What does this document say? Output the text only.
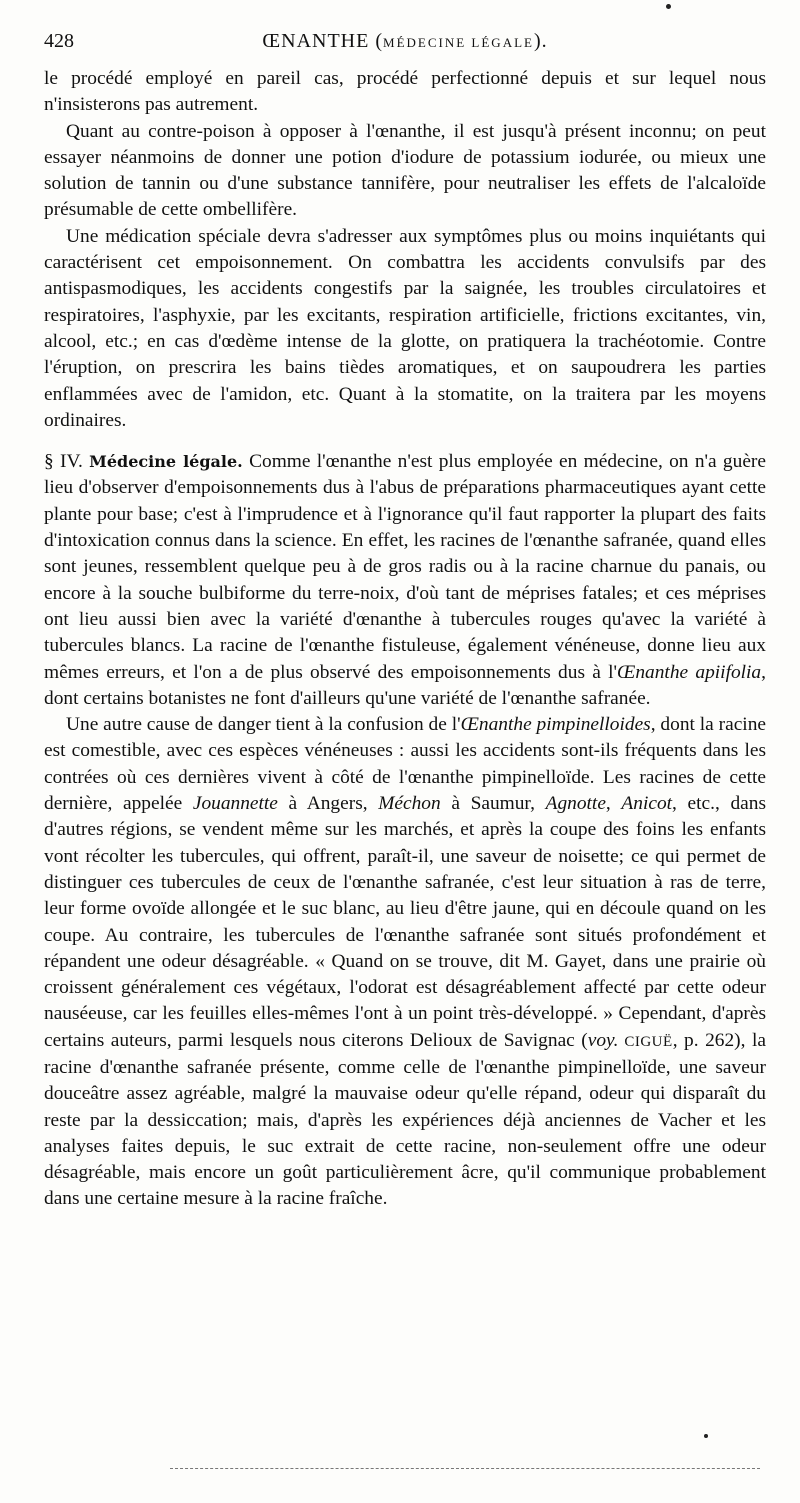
428	ŒNANTHE (MÉDECINE LÉGALE).

le procédé employé en pareil cas, procédé perfectionné depuis et sur lequel nous n'insisterons pas autrement.

Quant au contre-poison à opposer à l'œnanthe, il est jusqu'à présent inconnu; on peut essayer néanmoins de donner une potion d'iodure de potassium iodurée, ou mieux une solution de tannin ou d'une substance tannifère, pour neutraliser les effets de l'alcaloïde présumable de cette ombellifère.

Une médication spéciale devra s'adresser aux symptômes plus ou moins inquiétants qui caractérisent cet empoisonnement. On combattra les accidents convulsifs par des antispasmodiques, les accidents congestifs par la saignée, les troubles circulatoires et respiratoires, l'asphyxie, par les excitants, respiration artificielle, frictions excitantes, vin, alcool, etc.; en cas d'œdème intense de la glotte, on pratiquera la trachéotomie. Contre l'éruption, on prescrira les bains tièdes aromatiques, et on saupoudrera les parties enflammées avec de l'amidon, etc. Quant à la stomatite, on la traitera par les moyens ordinaires.

§ IV. Médecine légale. Comme l'œnanthe n'est plus employée en médecine, on n'a guère lieu d'observer d'empoisonnements dus à l'abus de préparations pharmaceutiques ayant cette plante pour base; c'est à l'imprudence et à l'ignorance qu'il faut rapporter la plupart des faits d'intoxication connus dans la science. En effet, les racines de l'œnanthe safranée, quand elles sont jeunes, ressemblent quelque peu à de gros radis ou à la racine charnue du panais, ou encore à la souche bulbiforme du terre-noix, d'où tant de méprises fatales; et ces méprises ont lieu aussi bien avec la variété d'œnanthe à tubercules rouges qu'avec la variété à tubercules blancs. La racine de l'œnanthe fistuleuse, également vénéneuse, donne lieu aux mêmes erreurs, et l'on a de plus observé des empoisonnements dus à l'Œnanthe apiifolia, dont certains botanistes ne font d'ailleurs qu'une variété de l'œnanthe safranée.

Une autre cause de danger tient à la confusion de l'Œnanthe pimpinelloides, dont la racine est comestible, avec ces espèces vénéneuses : aussi les accidents sont-ils fréquents dans les contrées où ces dernières vivent à côté de l'œnanthe pimpinelloïde. Les racines de cette dernière, appelée Jouannette à Angers, Méchon à Saumur, Agnotte, Anicot, etc., dans d'autres régions, se vendent même sur les marchés, et après la coupe des foins les enfants vont récolter les tubercules, qui offrent, paraît-il, une saveur de noisette; ce qui permet de distinguer ces tubercules de ceux de l'œnanthe safranée, c'est leur situation à ras de terre, leur forme ovoïde allongée et le suc blanc, au lieu d'être jaune, qui en découle quand on les coupe. Au contraire, les tubercules de l'œnanthe safranée sont situés profondément et répandent une odeur désagréable. « Quand on se trouve, dit M. Gayet, dans une prairie où croissent généralement ces végétaux, l'odorat est désagréablement affecté par cette odeur nauséeuse, car les feuilles elles-mêmes l'ont à un point très-développé. » Cependant, d'après certains auteurs, parmi lesquels nous citerons Delioux de Savignac (voy. CIGUË, p. 262), la racine d'œnanthe safranée présente, comme celle de l'œnanthe pimpinelloïde, une saveur douceâtre assez agréable, malgré la mauvaise odeur qu'elle répand, odeur qui disparaît du reste par la dessiccation; mais, d'après les expériences déjà anciennes de Vacher et les analyses faites depuis, le suc extrait de cette racine, non-seulement offre une odeur désagréable, mais encore un goût particulièrement âcre, qu'il communique probablement dans une certaine mesure à la racine fraîche.
